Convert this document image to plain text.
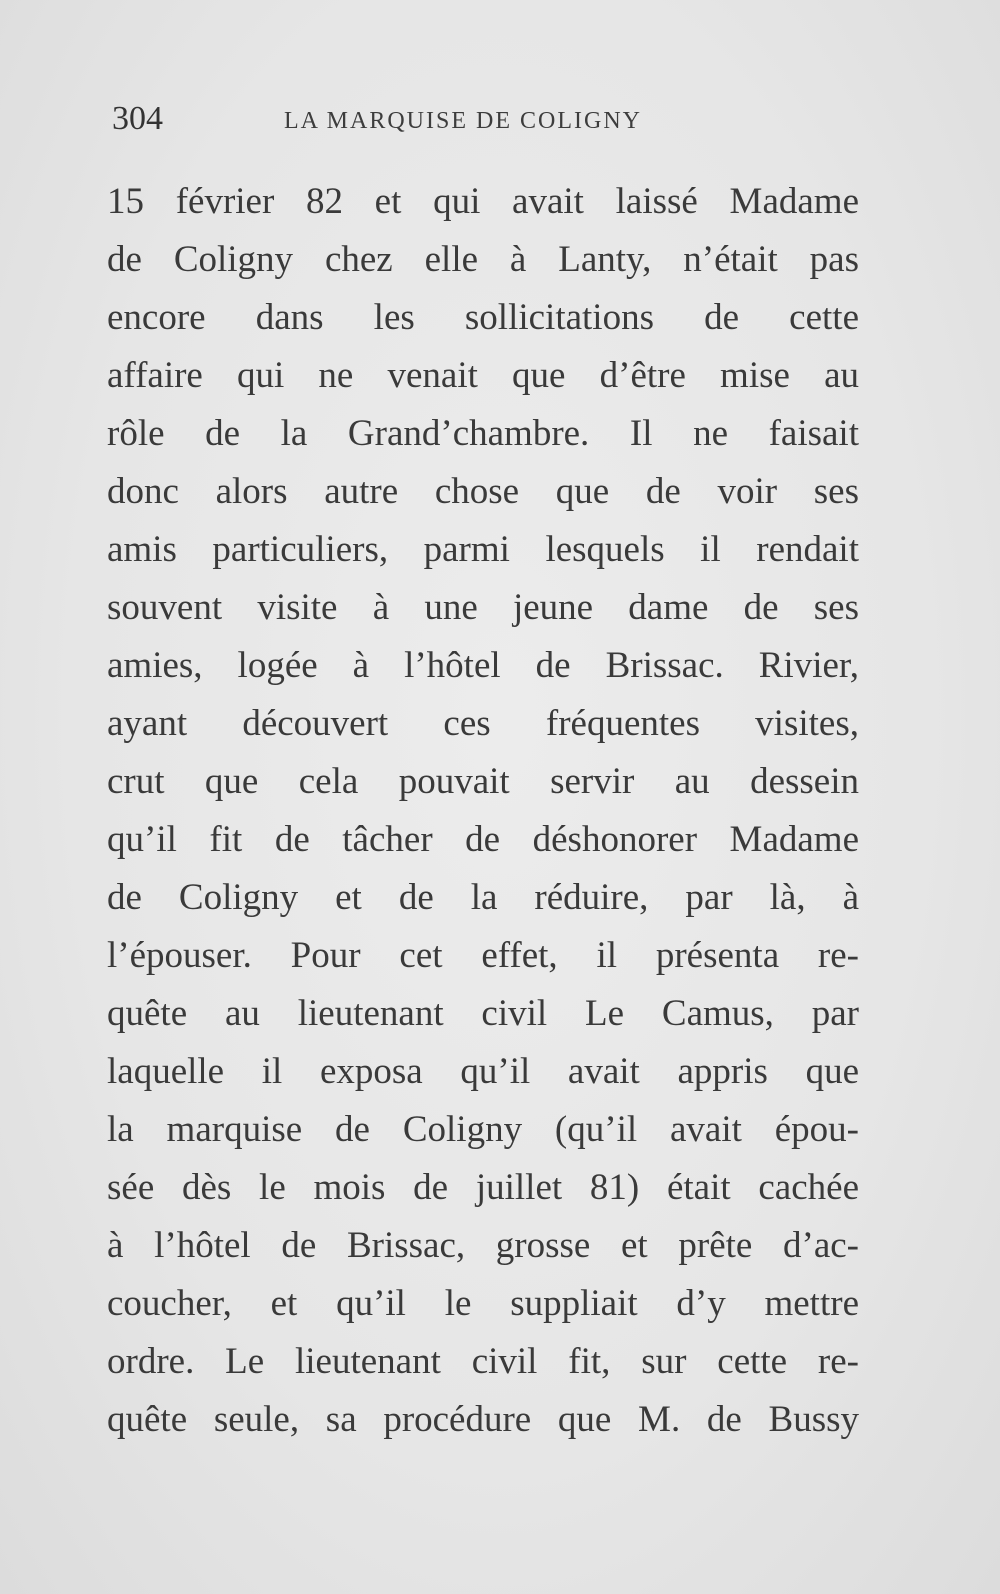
304	LA MARQUISE DE COLIGNY
15 février 82 et qui avait laissé Madame
de Coligny chez elle à Lanty, n’était pas
encore dans les sollicitations de cette
affaire qui ne venait que d’être mise au
rôle de la Grand’chambre. Il ne faisait
donc alors autre chose que de voir ses
amis particuliers, parmi lesquels il rendait
souvent visite à une jeune dame de ses
amies, logée à l’hôtel de Brissac. Rivier,
ayant découvert ces fréquentes visites,
crut que cela pouvait servir au dessein
qu’il fit de tâcher de déshonorer Madame
de Coligny et de la réduire, par là, à
l’épouser. Pour cet effet, il présenta re-
quête au lieutenant civil Le Camus, par
laquelle il exposa qu’il avait appris que
la marquise de Coligny (qu’il avait épou-
sée dès le mois de juillet 81) était cachée
à l’hôtel de Brissac, grosse et prête d’ac-
coucher, et qu’il le suppliait d’y mettre
ordre. Le lieutenant civil fit, sur cette re-
quête seule, sa procédure que M. de Bussy
